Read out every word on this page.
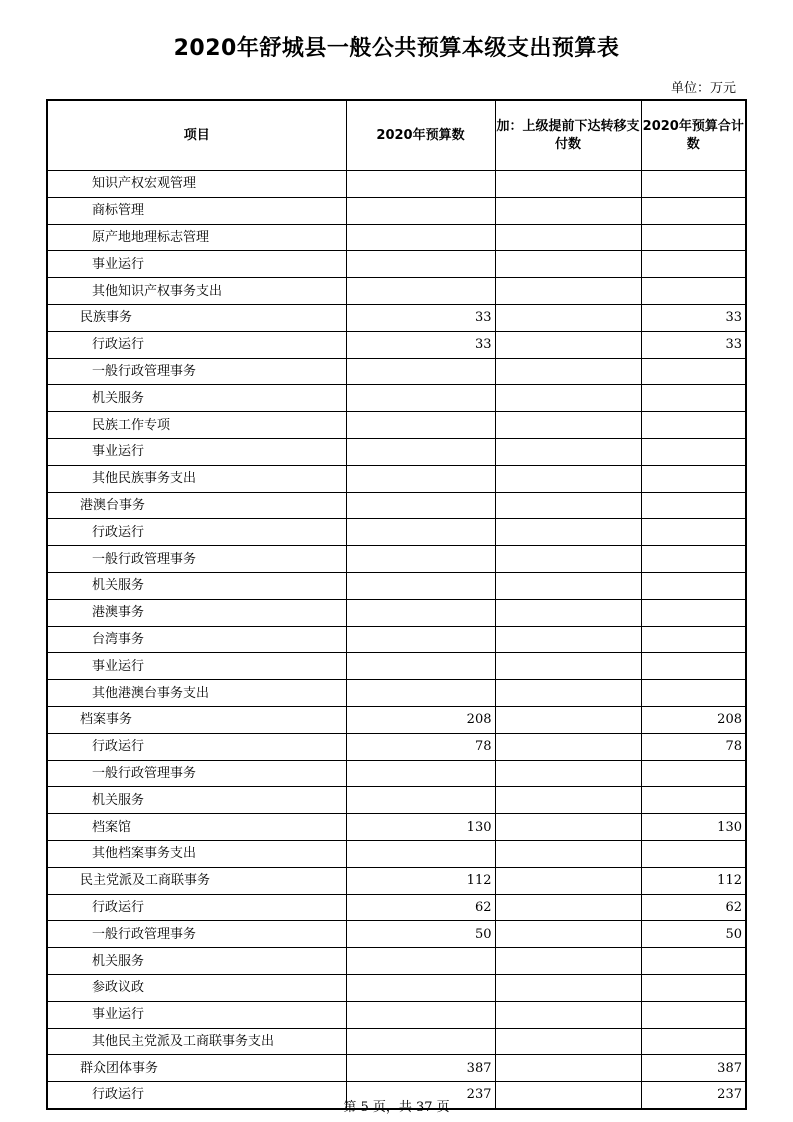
2020年舒城县一般公共预算本级支出预算表
单位：万元
项目	2020年预算数	加：上级提前下达转移支付数	2020年预算合计数
知识产权宏观管理			
商标管理			
原产地地理标志管理			
事业运行			
其他知识产权事务支出			
民族事务	33		33
行政运行	33		33
一般行政管理事务			
机关服务			
民族工作专项			
事业运行			
其他民族事务支出			
港澳台事务			
行政运行			
一般行政管理事务			
机关服务			
港澳事务			
台湾事务			
事业运行			
其他港澳台事务支出			
档案事务	208		208
行政运行	78		78
一般行政管理事务			
机关服务			
档案馆	130		130
其他档案事务支出			
民主党派及工商联事务	112		112
行政运行	62		62
一般行政管理事务	50		50
机关服务			
参政议政			
事业运行			
其他民主党派及工商联事务支出			
群众团体事务	387		387
行政运行	237		237
第 5 页，共 37 页
